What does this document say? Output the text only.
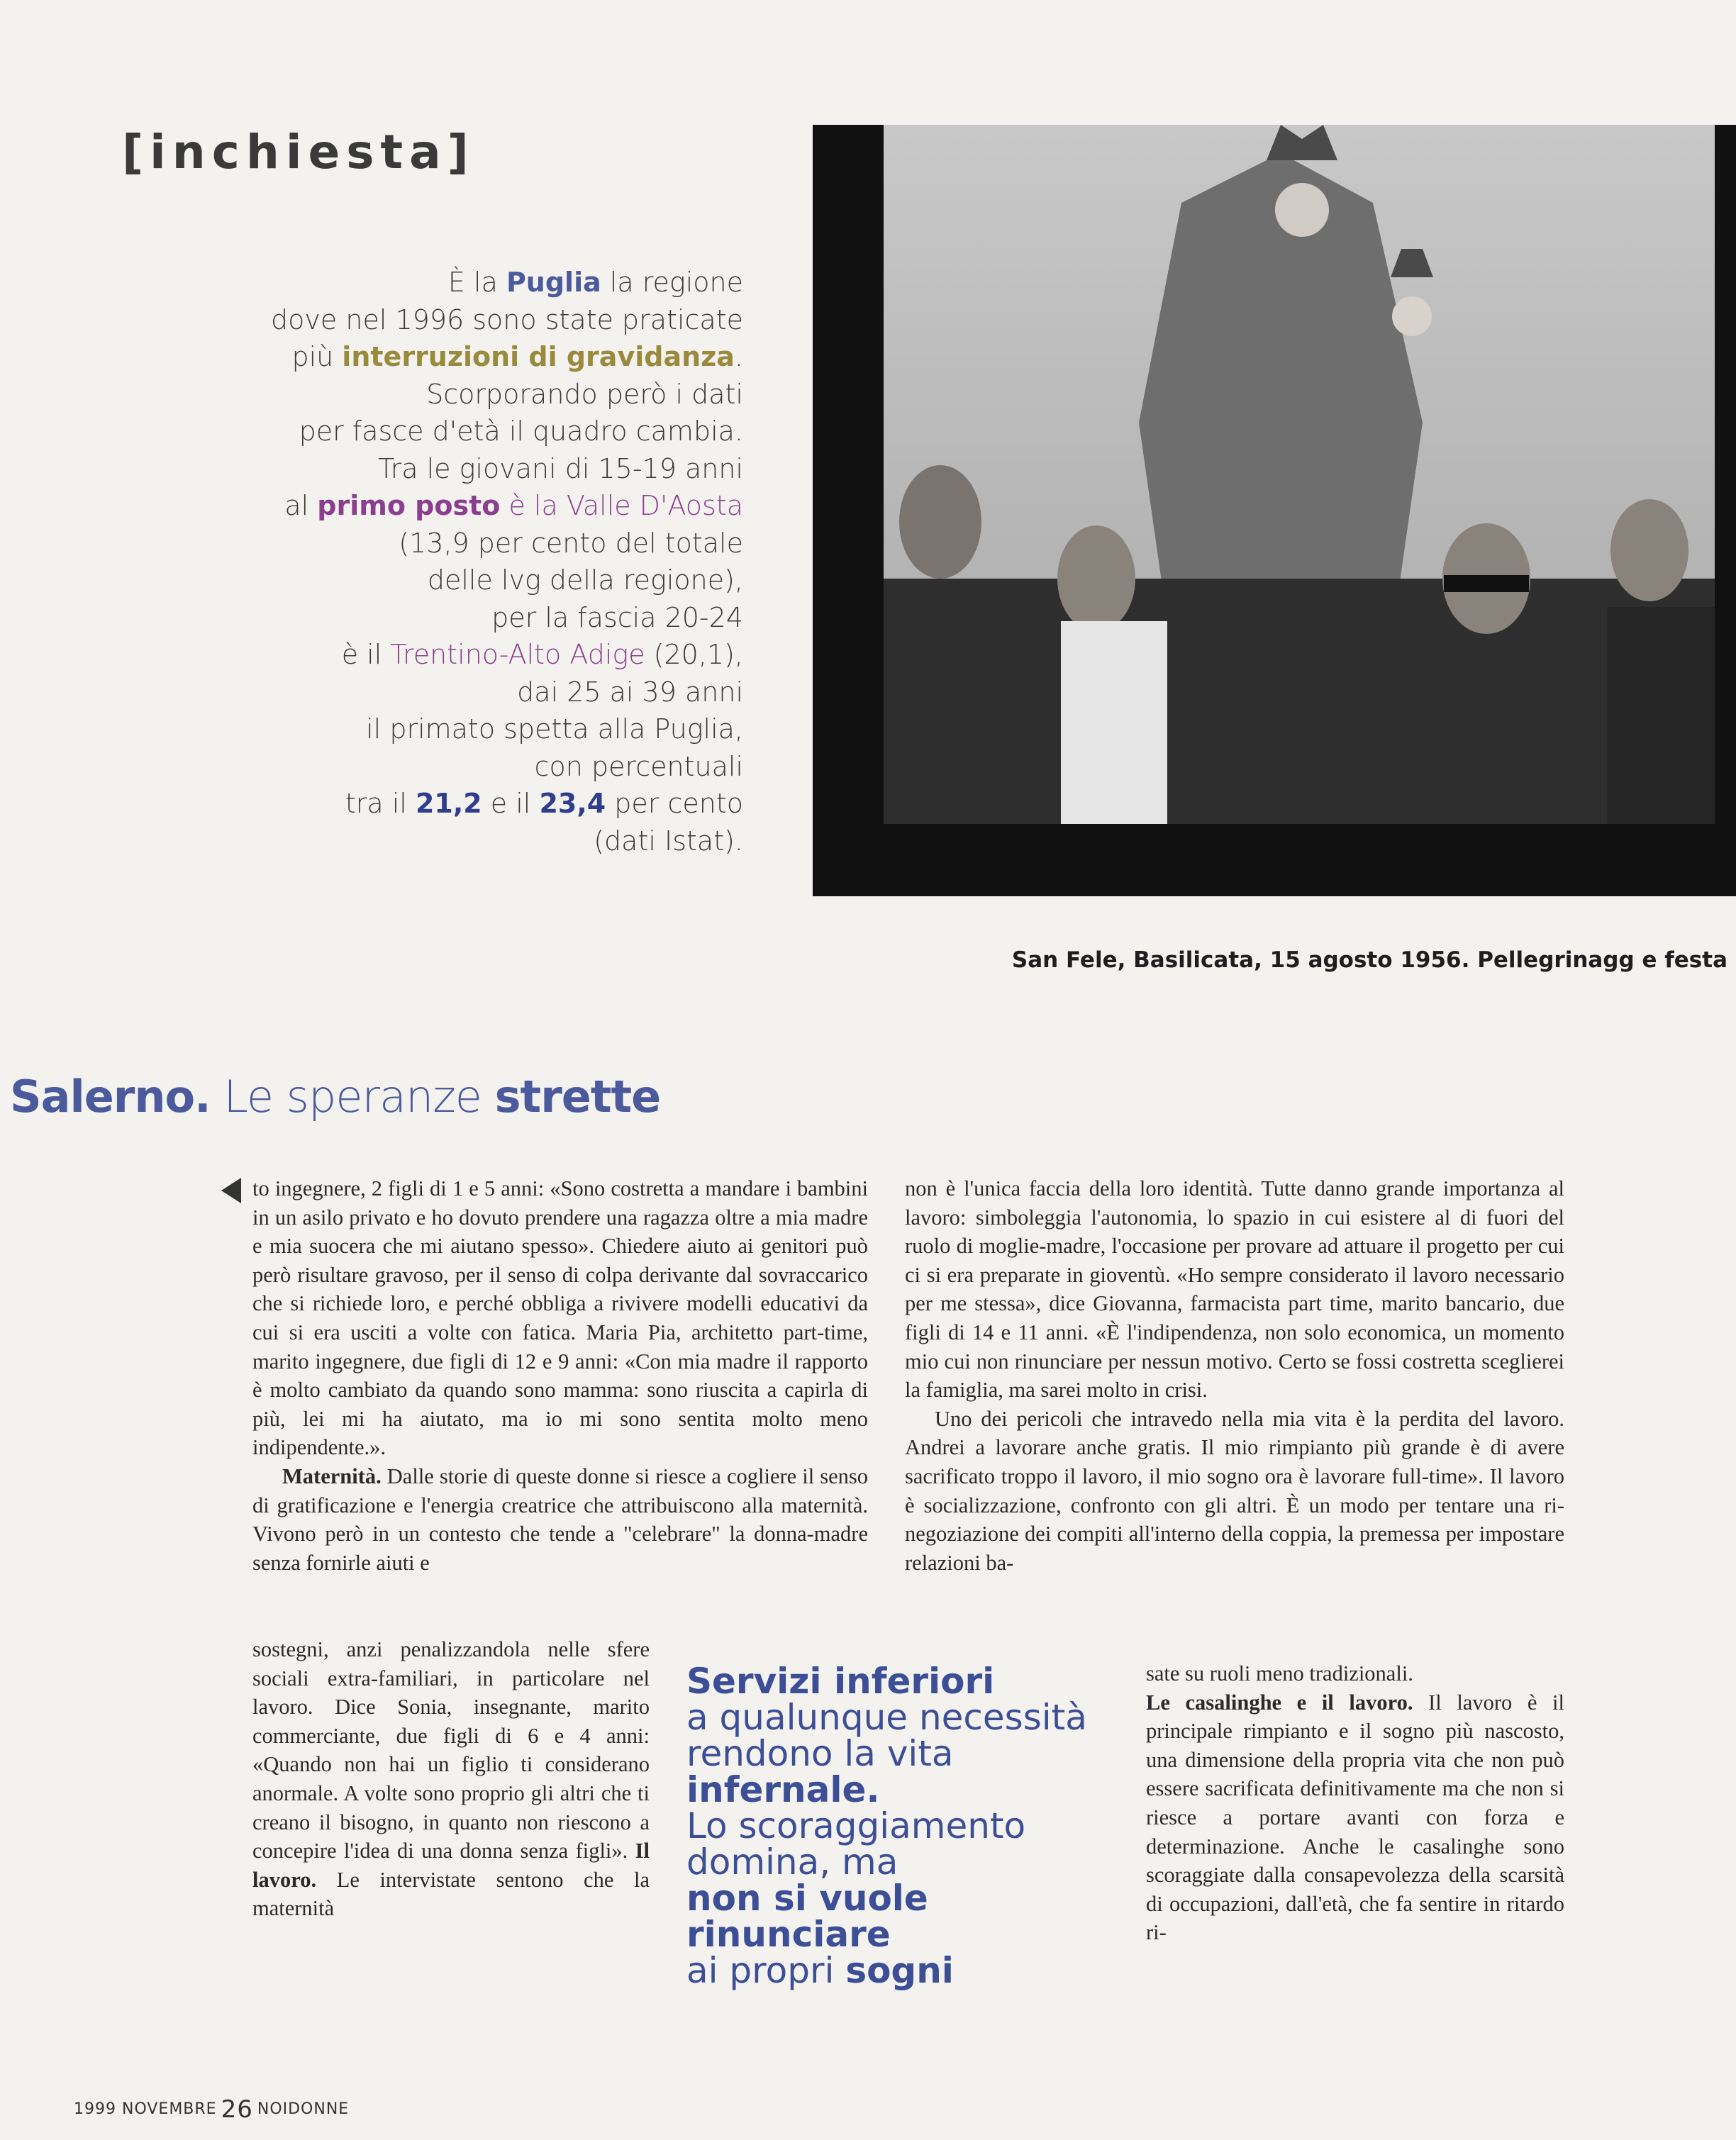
[inchiesta]
È la Puglia la regione
dove nel 1996 sono state praticate
più interruzioni di gravidanza.
Scorporando però i dati
per fasce d'età il quadro cambia.
Tra le giovani di 15-19 anni
al primo posto è la Valle D'Aosta
(13,9 per cento del totale
delle lvg della regione),
per la fascia 20-24
è il Trentino-Alto Adige (20,1),
dai 25 ai 39 anni
il primato spetta alla Puglia,
con percentuali
tra il 21,2 e il 23,4 per cento
(dati Istat).
San Fele, Basilicata, 15 agosto 1956. Pellegrinagg e festa
Salerno. Le speranze strette

to ingegnere, 2 figli di 1 e 5 anni: «Sono costretta a mandare i bambini in un asilo privato e ho dovuto prendere una ragazza oltre a mia madre e mia suocera che mi aiutano spesso». Chiedere aiuto ai genitori può però risultare gravoso, per il senso di colpa derivante dal sovraccarico che si richiede loro, e perché obbliga a rivivere modelli educativi da cui si era usciti a volte con fatica. Maria Pia, architetto part-time, marito ingegnere, due figli di 12 e 9 anni: «Con mia madre il rapporto è molto cambiato da quando sono mamma: sono riuscita a capirla di più, lei mi ha aiutato, ma io mi sono sentita molto meno indipendente.».

Maternità. Dalle storie di queste donne si riesce a cogliere il senso di gratificazione e l'energia creatrice che attribuiscono alla maternità. Vivono però in un contesto che tende a "celebrare" la donna-madre senza fornirle aiuti e

sostegni, anzi penalizzandola nelle sfere sociali extra-familiari, in particolare nel lavoro. Dice Sonia, insegnante, marito commerciante, due figli di 6 e 4 anni: «Quando non hai un figlio ti considerano anormale. A volte sono proprio gli altri che ti creano il bisogno, in quanto non riescono a concepire l'idea di una donna senza figli». Il lavoro. Le intervistate sentono che la maternità

non è l'unica faccia della loro identità. Tutte danno grande importanza al lavoro: simboleggia l'autonomia, lo spazio in cui esistere al di fuori del ruolo di moglie-madre, l'occasione per provare ad attuare il progetto per cui ci si era preparate in gioventù. «Ho sempre considerato il lavoro necessario per me stessa», dice Giovanna, farmacista part time, marito bancario, due figli di 14 e 11 anni. «È l'indipendenza, non solo economica, un momento mio cui non rinunciare per nessun motivo. Certo se fossi costretta sceglierei la famiglia, ma sarei molto in crisi.

Uno dei pericoli che intravedo nella mia vita è la perdita del lavoro. Andrei a lavorare anche gratis. Il mio rimpianto più grande è di avere sacrificato troppo il lavoro, il mio sogno ora è lavorare full-time». Il lavoro è socializzazione, confronto con gli altri. È un modo per tentare una ri-negoziazione dei compiti all'interno della coppia, la premessa per impostare relazioni ba-

sate su ruoli meno tradizionali.

Le casalinghe e il lavoro. Il lavoro è il principale rimpianto e il sogno più nascosto, una dimensione della propria vita che non può essere sacrificata definitivamente ma che non si riesce a portare avanti con forza e determinazione. Anche le casalinghe sono scoraggiate dalla consapevolezza della scarsità di occupazioni, dall'età, che fa sentire in ritardo ri-

Servizi inferiori
a qualunque necessità rendono la vita
infernale.
Lo scoraggiamento domina, ma
non si vuole rinunciare
ai propri sogni
1999 NOVEMBRE 26 NOIDONNE
